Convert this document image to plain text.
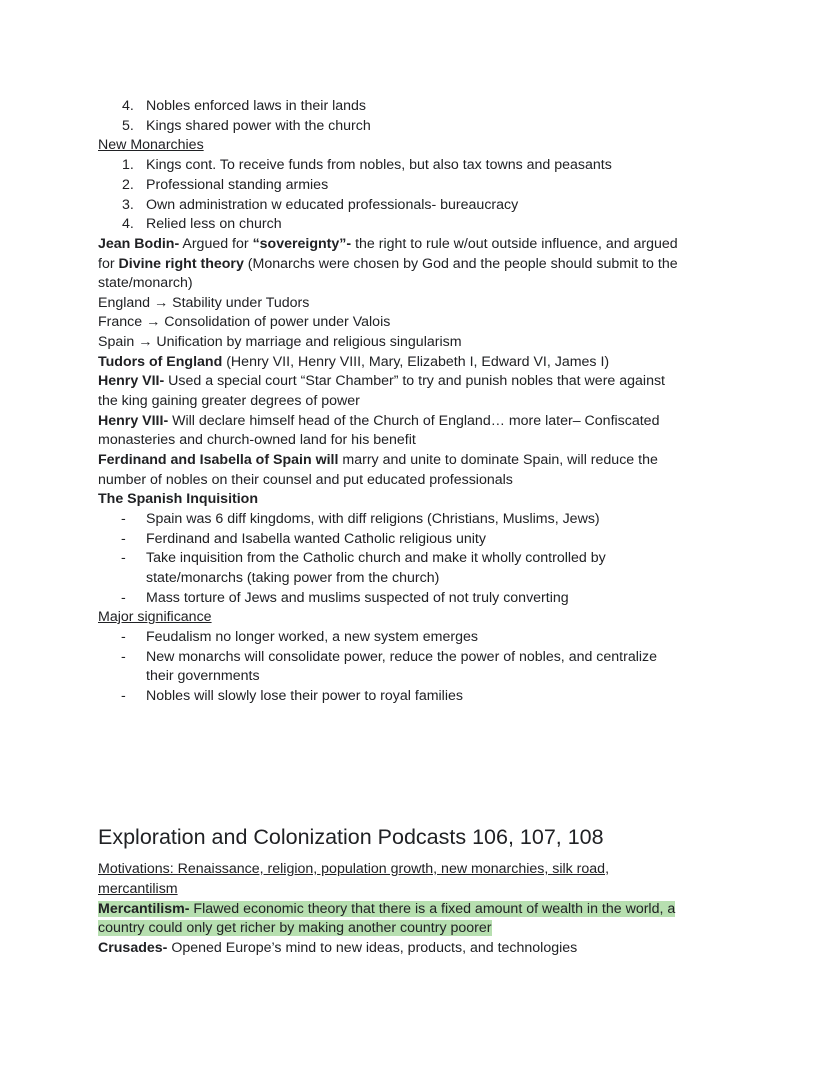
4. Nobles enforced laws in their lands
5. Kings shared power with the church
New Monarchies
1. Kings cont. To receive funds from nobles, but also tax towns and peasants
2. Professional standing armies
3. Own administration w educated professionals- bureaucracy
4. Relied less on church
Jean Bodin- Argued for “sovereignty”- the right to rule w/out outside influence, and argued
for Divine right theory (Monarchs were chosen by God and the people should submit to the
state/monarch)
England → Stability under Tudors
France → Consolidation of power under Valois
Spain → Unification by marriage and religious singularism
Tudors of England (Henry VII, Henry VIII, Mary, Elizabeth I, Edward VI, James I)
Henry VII- Used a special court “Star Chamber” to try and punish nobles that were against
the king gaining greater degrees of power
Henry VIII- Will declare himself head of the Church of England… more later– Confiscated
monasteries and church-owned land for his benefit
Ferdinand and Isabella of Spain will marry and unite to dominate Spain, will reduce the
number of nobles on their counsel and put educated professionals
The Spanish Inquisition
- Spain was 6 diff kingdoms, with diff religions (Christians, Muslims, Jews)
- Ferdinand and Isabella wanted Catholic religious unity
- Take inquisition from the Catholic church and make it wholly controlled by
state/monarchs (taking power from the church)
- Mass torture of Jews and muslims suspected of not truly converting
Major significance
- Feudalism no longer worked, a new system emerges
- New monarchs will consolidate power, reduce the power of nobles, and centralize
their governments
- Nobles will slowly lose their power to royal families
Exploration and Colonization Podcasts 106, 107, 108
Motivations: Renaissance, religion, population growth, new monarchies, silk road,
mercantilism
Mercantilism- Flawed economic theory that there is a fixed amount of wealth in the world, a
country could only get richer by making another country poorer
Crusades- Opened Europe’s mind to new ideas, products, and technologies
